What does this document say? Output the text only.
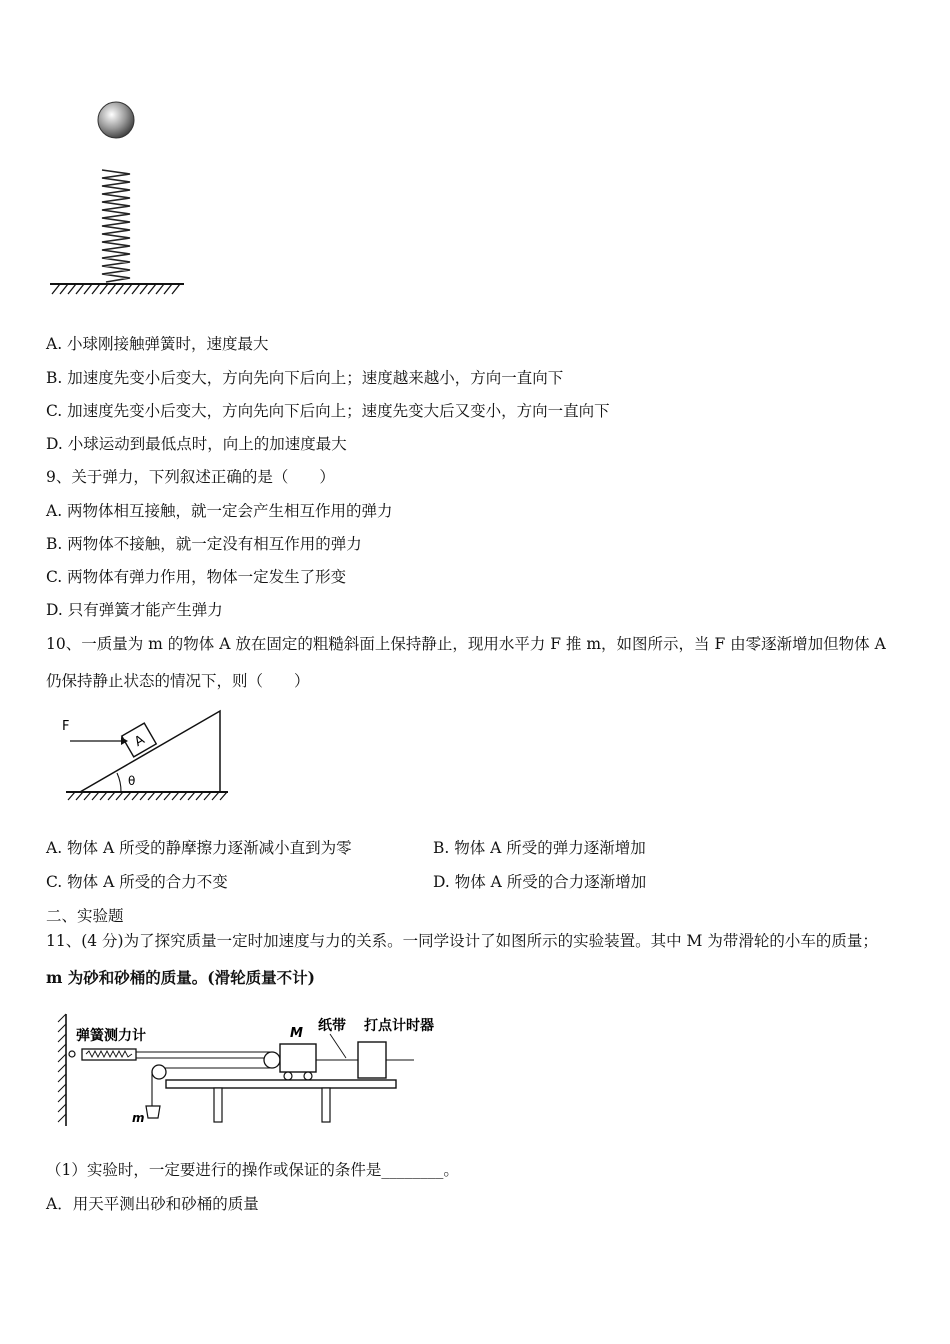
A. 小球刚接触弹簧时，速度最大
B. 加速度先变小后变大，方向先向下后向上；速度越来越小，方向一直向下
C. 加速度先变小后变大，方向先向下后向上；速度先变大后又变小，方向一直向下
D. 小球运动到最低点时，向上的加速度最大
9、关于弹力，下列叙述正确的是（　　）
A. 两物体相互接触，就一定会产生相互作用的弹力
B. 两物体不接触，就一定没有相互作用的弹力
C. 两物体有弹力作用，物体一定发生了形变
D. 只有弹簧才能产生弹力
10、一质量为 m 的物体 A 放在固定的粗糙斜面上保持静止，现用水平力 F 推 m，如图所示，当 F 由零逐渐增加但物体 A
仍保持静止状态的情况下，则（　　）
A
F
θ
A. 物体 A 所受的静摩擦力逐渐减小直到为零	B. 物体 A 所受的弹力逐渐增加
C. 物体 A 所受的合力不变	D. 物体 A 所受的合力逐渐增加
二、实验题
11、(4 分)为了探究质量一定时加速度与力的关系。一同学设计了如图所示的实验装置。其中 M 为带滑轮的小车的质量；
m 为砂和砂桶的质量。(滑轮质量不计)
弹簧测力计	M 纸带 打点计时器
m
（1）实验时，一定要进行的操作或保证的条件是________。
A．用天平测出砂和砂桶的质量
